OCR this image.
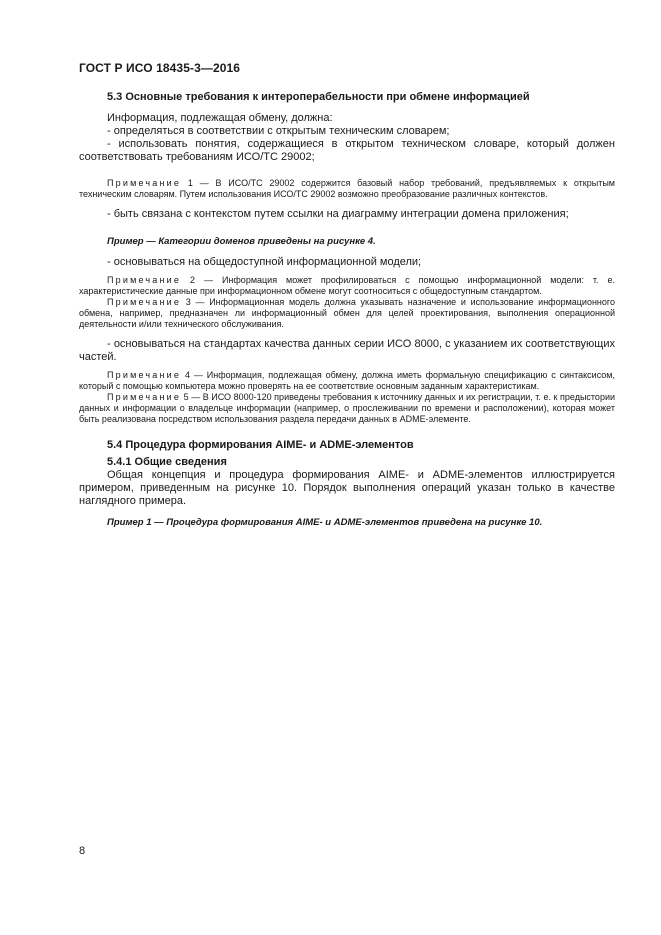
ГОСТ Р ИСО 18435-3—2016
5.3 Основные требования к интероперабельности при обмене информацией

Информация, подлежащая обмену, должна:

- определяться в соответствии с открытым техническим словарем;

- использовать понятия, содержащиеся в открытом техническом словаре, который должен соответствовать требованиям ИСО/ТС 29002;

Примечание 1 — В ИСО/ТС 29002 содержится базовый набор требований, предъявляемых к открытым техническим словарям. Путем использования ИСО/ТС 29002 возможно преобразование различных контекстов.

- быть связана с контекстом путем ссылки на диаграмму интеграции домена приложения;

Пример — Категории доменов приведены на рисунке 4.

- основываться на общедоступной информационной модели;

Примечание 2 — Информация может профилироваться с помощью информационной модели: т. е. характеристические данные при информационном обмене могут соотноситься с общедоступным стандартом.
Примечание 3 — Информационная модель должна указывать назначение и использование информационного обмена, например, предназначен ли информационный обмен для целей проектирования, выполнения операционной деятельности и/или технического обслуживания.

- основываться на стандартах качества данных серии ИСО 8000, с указанием их соответствующих частей.

Примечание 4 — Информация, подлежащая обмену, должна иметь формальную спецификацию с синтаксисом, который с помощью компьютера можно проверять на ее соответствие основным заданным характеристикам.
Примечание 5 — В ИСО 8000-120 приведены требования к источнику данных и их регистрации, т. е. к предыстории данных и информации о владельце информации (например, о прослеживании по времени и расположении), которая может быть реализована посредством использования раздела передачи данных в ADME-элементе.
5.4 Процедура формирования AIME- и ADME-элементов
5.4.1 Общие сведения

Общая концепция и процедура формирования AIME- и ADME-элементов иллюстрируется примером, приведенным на рисунке 10. Порядок выполнения операций указан только в качестве наглядного примера.

Пример 1 — Процедура формирования AIME- и ADME-элементов приведена на рисунке 10.
8
